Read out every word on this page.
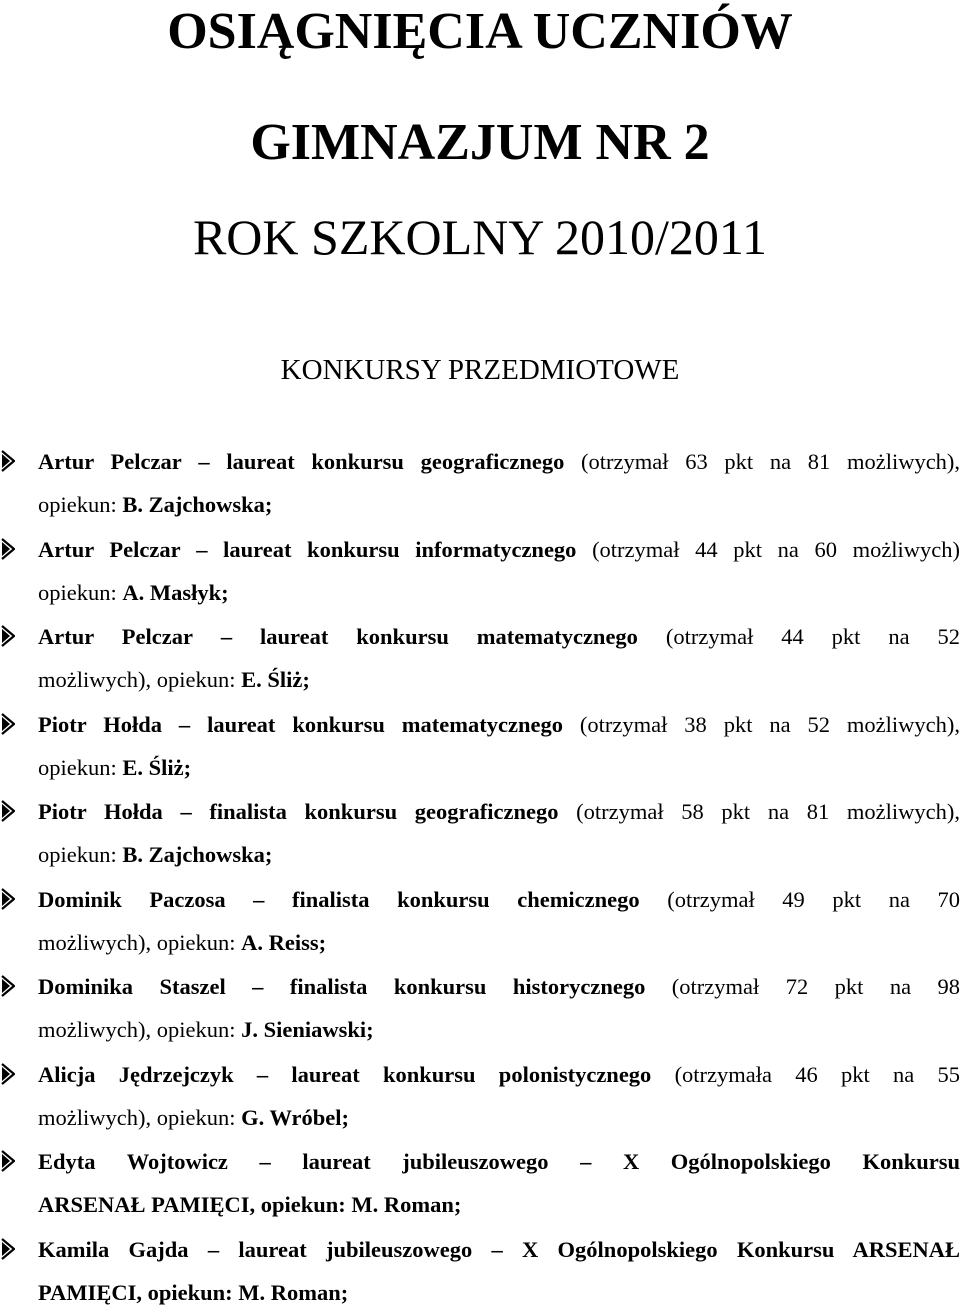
OSIĄGNIĘCIA UCZNIÓW
GIMNAZJUM NR 2
ROK SZKOLNY 2010/2011
KONKURSY PRZEDMIOTOWE

Artur Pelczar – laureat konkursu geograficznego (otrzymał 63 pkt na 81 możliwych),

opiekun: B. Zajchowska;

Artur Pelczar – laureat konkursu informatycznego (otrzymał 44 pkt na 60 możliwych)

opiekun: A. Masłyk;

Artur Pelczar – laureat konkursu matematycznego (otrzymał 44 pkt na 52

możliwych), opiekun: E. Śliż;

Piotr Hołda – laureat konkursu matematycznego (otrzymał 38 pkt na 52 możliwych),

opiekun: E. Śliż;

Piotr Hołda – finalista konkursu geograficznego (otrzymał 58 pkt na 81 możliwych),

opiekun: B. Zajchowska;

Dominik Paczosa – finalista konkursu chemicznego (otrzymał 49 pkt na 70

możliwych), opiekun: A. Reiss;

Dominika Staszel – finalista konkursu historycznego (otrzymał 72 pkt na 98

możliwych), opiekun: J. Sieniawski;

Alicja Jędrzejczyk – laureat konkursu polonistycznego (otrzymała 46 pkt na 55

możliwych), opiekun: G. Wróbel;

Edyta Wojtowicz – laureat jubileuszowego – X Ogólnopolskiego Konkursu

ARSENAŁ PAMIĘCI, opiekun: M. Roman;

Kamila Gajda – laureat jubileuszowego – X Ogólnopolskiego Konkursu ARSENAŁ

PAMIĘCI, opiekun: M. Roman;
